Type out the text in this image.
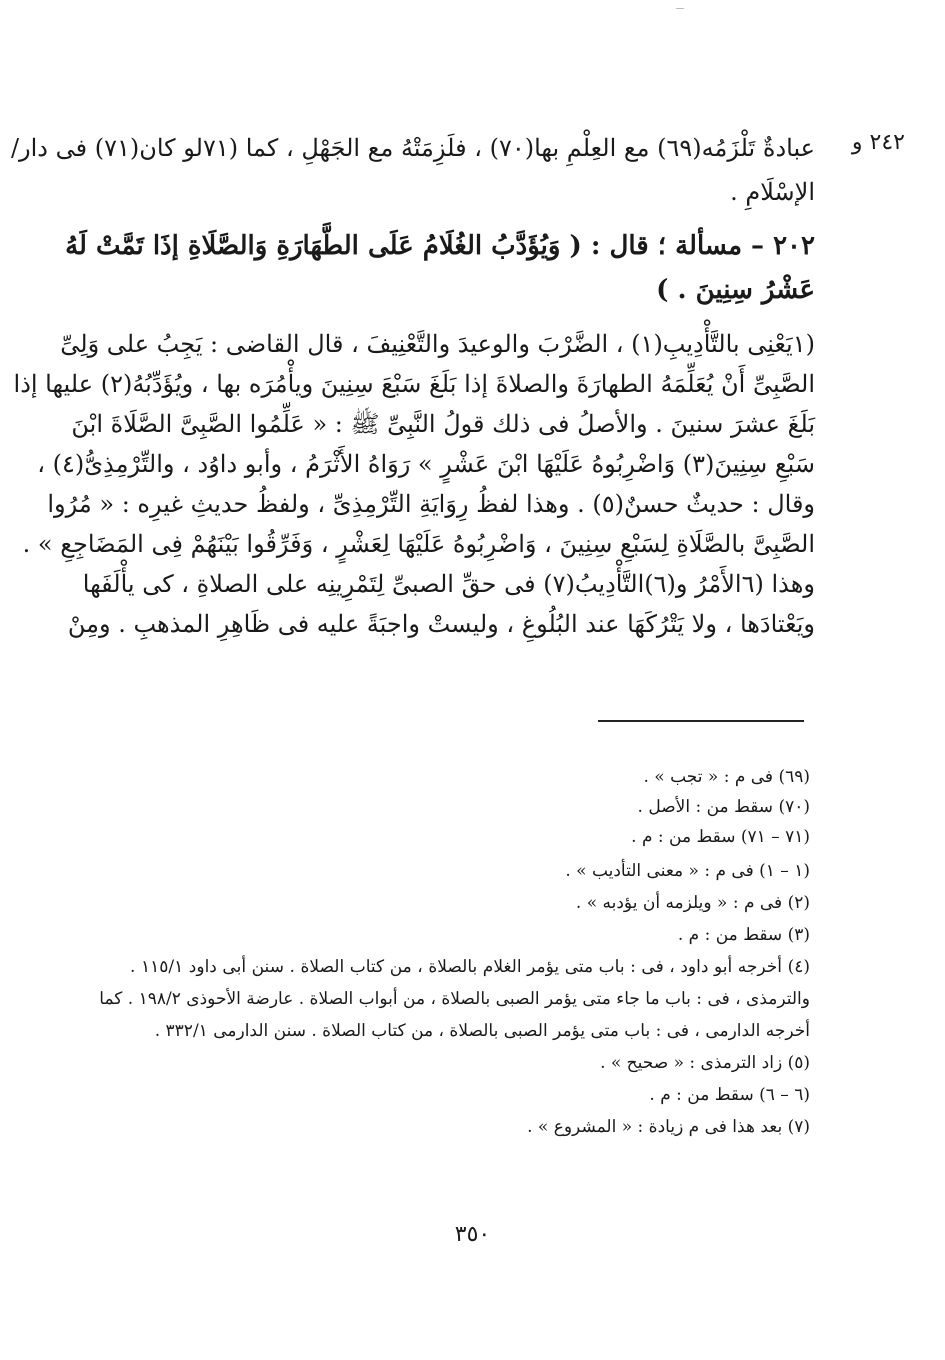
٢٤٢ و
عبادةٌ تَلْزَمُه(٦٩) مع العِلْمِ بها(٧٠) ، فلَزِمَتْهُ مع الجَهْلِ ، كما (٧١لو كان(٧١) فى دار/
الإسْلَامِ .
٢٠٢ – مسألة ؛ قال : ( وَيُؤَدَّبُ الغُلَامُ عَلَى الطَّهَارَةِ وَالصَّلَاةِ إذَا تَمَّتْ لَهُ
عَشْرُ سِنِينَ . )
(١يَعْنِى بالتَّأْدِيبِ(١) ، الضَّرْبَ والوعيدَ والتَّعْنِيفَ ، قال القاضى : يَجِبُ على وَلِىِّ
الصَّبِىِّ أَنْ يُعَلِّمَهُ الطهارَةَ والصلاةَ إذا بَلَغَ سَبْعَ سِنِينَ ويأْمُرَه بها ، ويُؤَدِّبُهُ(٢) عليها إذا
بَلَغَ عشرَ سنينَ . والأصلُ فى ذلك قولُ النَّبِىِّ ﷺ : « عَلِّمُوا الصَّبِىَّ الصَّلَاةَ ابْنَ
سَبْعِ سِنِينَ(٣) وَاضْرِبُوهُ عَلَيْهَا ابْنَ عَشْرٍ » رَوَاهُ الأَثْرَمُ ، وأبو داوُد ، والتِّرْمِذِىُّ(٤) ،
وقال : حديثٌ حسنٌ(٥) . وهذا لفظُ رِوَايَةِ التِّرْمِذِىِّ ، ولفظُ حديثِ غيرِه : « مُرُوا
الصَّبِىَّ بالصَّلَاةِ لِسَبْعِ سِنِينَ ، وَاضْرِبُوهُ عَلَيْهَا لِعَشْرٍ ، وَفَرِّقُوا بَيْنَهُمْ فِى المَضَاجِعِ » .
وهذا (٦الأَمْرُ و(٦)التَّأْدِيبُ(٧) فى حقِّ الصبىِّ لِتَمْرِينِه على الصلاةِ ، كى يأْلَفَها
ويَعْتادَها ، ولا يَتْرُكَهَا عند البُلُوغِ ، وليستْ واجبَةً عليه فى ظَاهِرِ المذهبِ . ومِنْ
(٦٩) فى م : « تجب » .
(٧٠) سقط من : الأصل .
(٧١ – ٧١) سقط من : م .
(١ – ١) فى م : « معنى التأديب » .
(٢) فى م : « ويلزمه أن يؤدبه » .
(٣) سقط من : م .
(٤) أخرجه أبو داود ، فى : باب متى يؤمر الغلام بالصلاة ، من كتاب الصلاة . سنن أبى داود ١١٥/١ .
والترمذى ، فى : باب ما جاء متى يؤمر الصبى بالصلاة ، من أبواب الصلاة . عارضة الأحوذى ١٩٨/٢ . كما
أخرجه الدارمى ، فى : باب متى يؤمر الصبى بالصلاة ، من كتاب الصلاة . سنن الدارمى ٣٣٢/١ .
(٥) زاد الترمذى : « صحيح » .
(٦ – ٦) سقط من : م .
(٧) بعد هذا فى م زيادة : « المشروع » .
٣٥٠
